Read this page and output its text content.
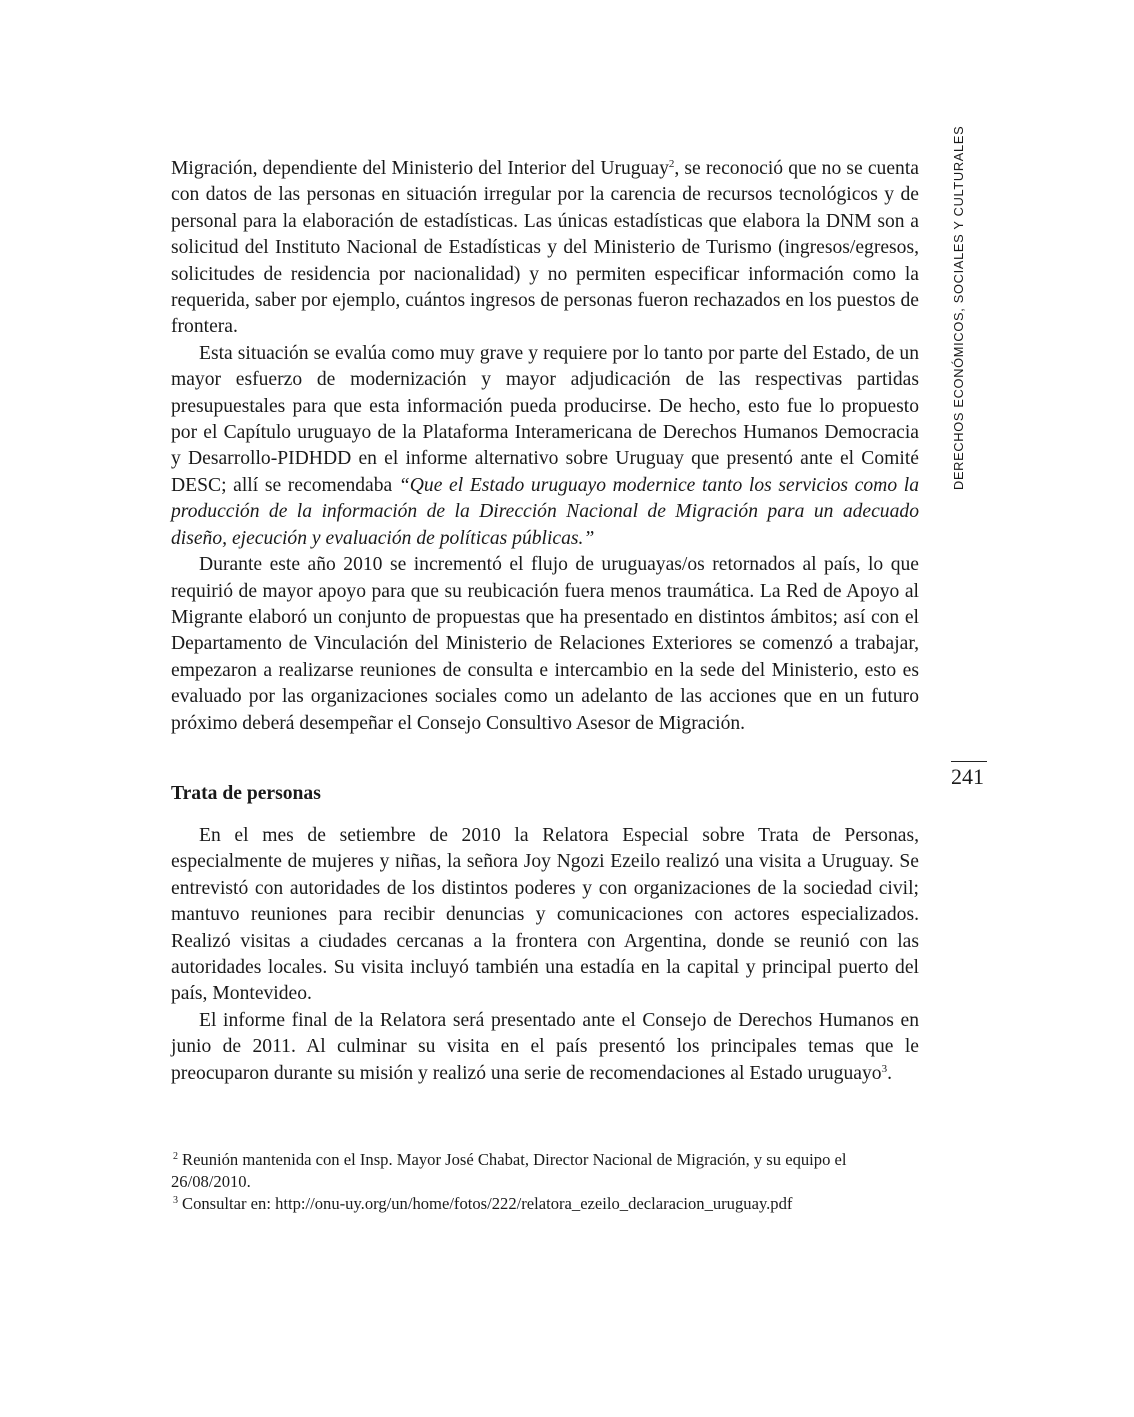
Migración, dependiente del Ministerio del Interior del Uruguay$^2$, se reconoció que no se cuenta con datos de las personas en situación irregular por la carencia de recursos tecnológicos y de personal para la elaboración de estadísticas. Las únicas estadísticas que elabora la DNM son a solicitud del Instituto Nacional de Estadísticas y del Ministerio de Turismo (ingresos/egresos, solicitudes de residencia por nacionalidad) y no permiten especificar información como la requerida, saber por ejemplo, cuántos ingresos de personas fueron rechazados en los puestos de frontera.

Esta situación se evalúa como muy grave y requiere por lo tanto por parte del Estado, de un mayor esfuerzo de modernización y mayor adjudicación de las respectivas partidas presupuestales para que esta información pueda producirse. De hecho, esto fue lo propuesto por el Capítulo uruguayo de la Plataforma Interamericana de Derechos Humanos Democracia y Desarrollo-PIDHDD en el informe alternativo sobre Uruguay que presentó ante el Comité DESC; allí se recomendaba “Que el Estado uruguayo modernice tanto los servicios como la producción de la información de la Dirección Nacional de Migración para un adecuado diseño, ejecución y evaluación de políticas públicas.”

Durante este año 2010 se incrementó el flujo de uruguayas/os retornados al país, lo que requirió de mayor apoyo para que su reubicación fuera menos traumática. La Red de Apoyo al Migrante elaboró un conjunto de propuestas que ha presentado en distintos ámbitos; así con el Departamento de Vinculación del Ministerio de Relaciones Exteriores se comenzó a trabajar, empezaron a realizarse reuniones de consulta e intercambio en la sede del Ministerio, esto es evaluado por las organizaciones sociales como un adelanto de las acciones que en un futuro próximo deberá desempeñar el Consejo Consultivo Asesor de Migración.

Trata de personas

En el mes de setiembre de 2010 la Relatora Especial sobre Trata de Personas, especialmente de mujeres y niñas, la señora Joy Ngozi Ezeilo realizó una visita a Uruguay. Se entrevistó con autoridades de los distintos poderes y con organizaciones de la sociedad civil; mantuvo reuniones para recibir denuncias y comunicaciones con actores especializados. Realizó visitas a ciudades cercanas a la frontera con Argentina, donde se reunió con las autoridades locales. Su visita incluyó también una estadía en la capital y principal puerto del país, Montevideo.

El informe final de la Relatora será presentado ante el Consejo de Derechos Humanos en junio de 2011. Al culminar su visita en el país presentó los principales temas que le preocuparon durante su misión y realizó una serie de recomendaciones al Estado uruguayo$^3$.

$^2$ Reunión mantenida con el Insp. Mayor José Chabat, Director Nacional de Migración, y su equipo el 26/08/2010.

$^3$ Consultar en: http://onu-uy.org/un/home/fotos/222/relatora_ezeilo_declaracion_uruguay.pdf

DERECHOS ECONÓMICOS, SOCIALES Y CULTURALES
241
